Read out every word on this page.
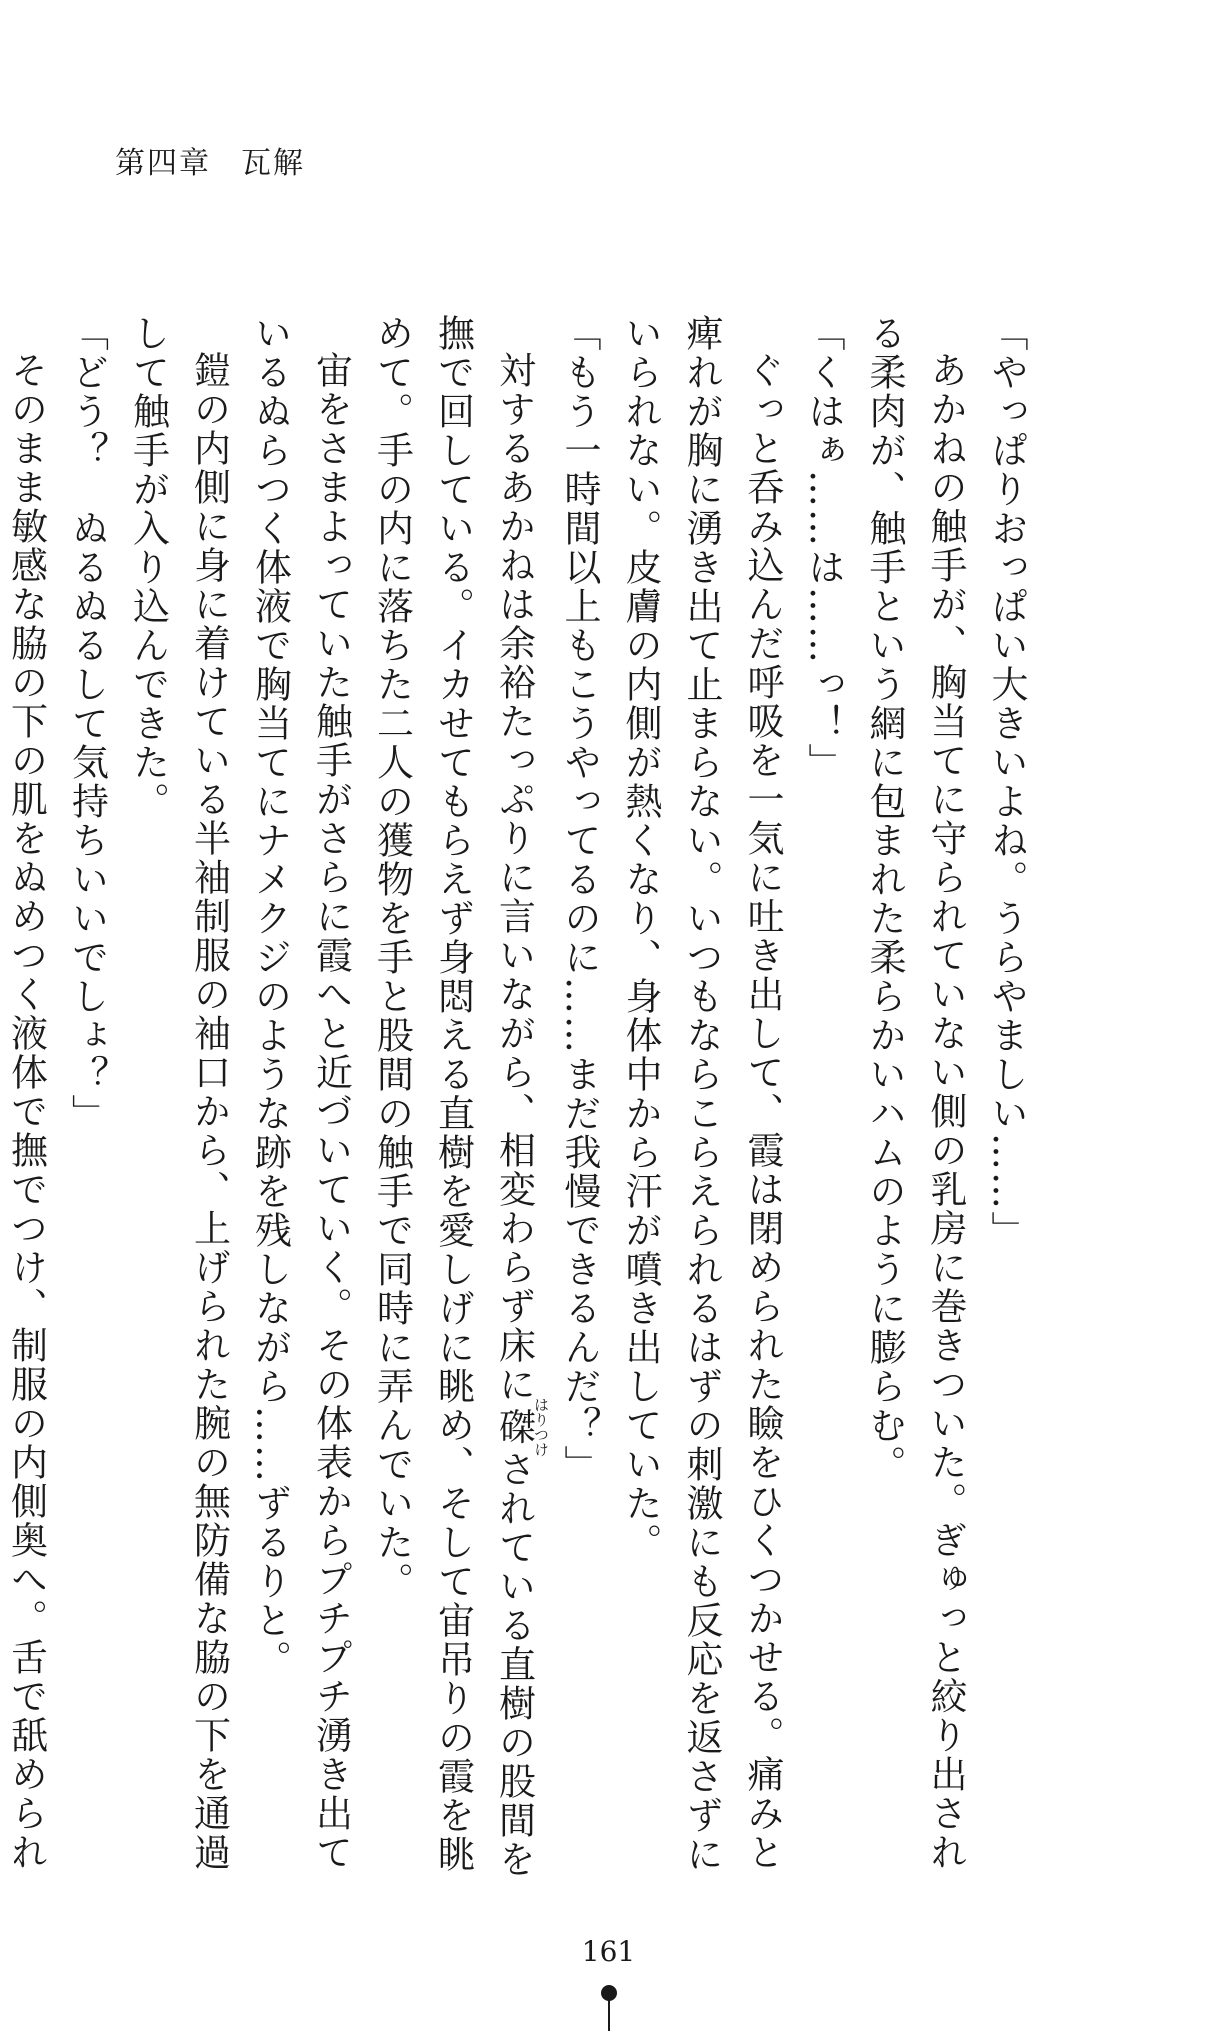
第四章 瓦解
「やっぱりおっぱい大きいよね。うらやましい……」
あかねの触手が、胸当てに守られていない側の乳房に巻きついた。ぎゅっと絞り出され
る柔肉が、触手という網に包まれた柔らかいハムのように膨らむ。
「くはぁ……は……っ！」
ぐっと呑み込んだ呼吸を一気に吐き出して、霞は閉められた瞼をひくつかせる。痛みと
痺れが胸に湧き出て止まらない。いつもならこらえられるはずの刺激にも反応を返さずに
いられない。皮膚の内側が熱くなり、身体中から汗が噴き出していた。
「もう一時間以上もこうやってるのに……まだ我慢できるんだ？」
対するあかねは余裕たっぷりに言いながら、相変わらず床に磔はりつけされている直樹の股間を
撫で回している。イカせてもらえず身悶える直樹を愛しげに眺め、そして宙吊りの霞を眺
めて。手の内に落ちた二人の獲物を手と股間の触手で同時に弄んでいた。
宙をさまよっていた触手がさらに霞へと近づいていく。その体表からプチプチ湧き出て
いるぬらつく体液で胸当てにナメクジのような跡を残しながら……ずるりと。
鎧の内側に身に着けている半袖制服の袖口から、上げられた腕の無防備な脇の下を通過
して触手が入り込んできた。
「どう？　ぬるぬるして気持ちいいでしょ？」
そのまま敏感な脇の下の肌をぬめつく液体で撫でつけ、制服の内側奥へ。舌で舐められ
161
